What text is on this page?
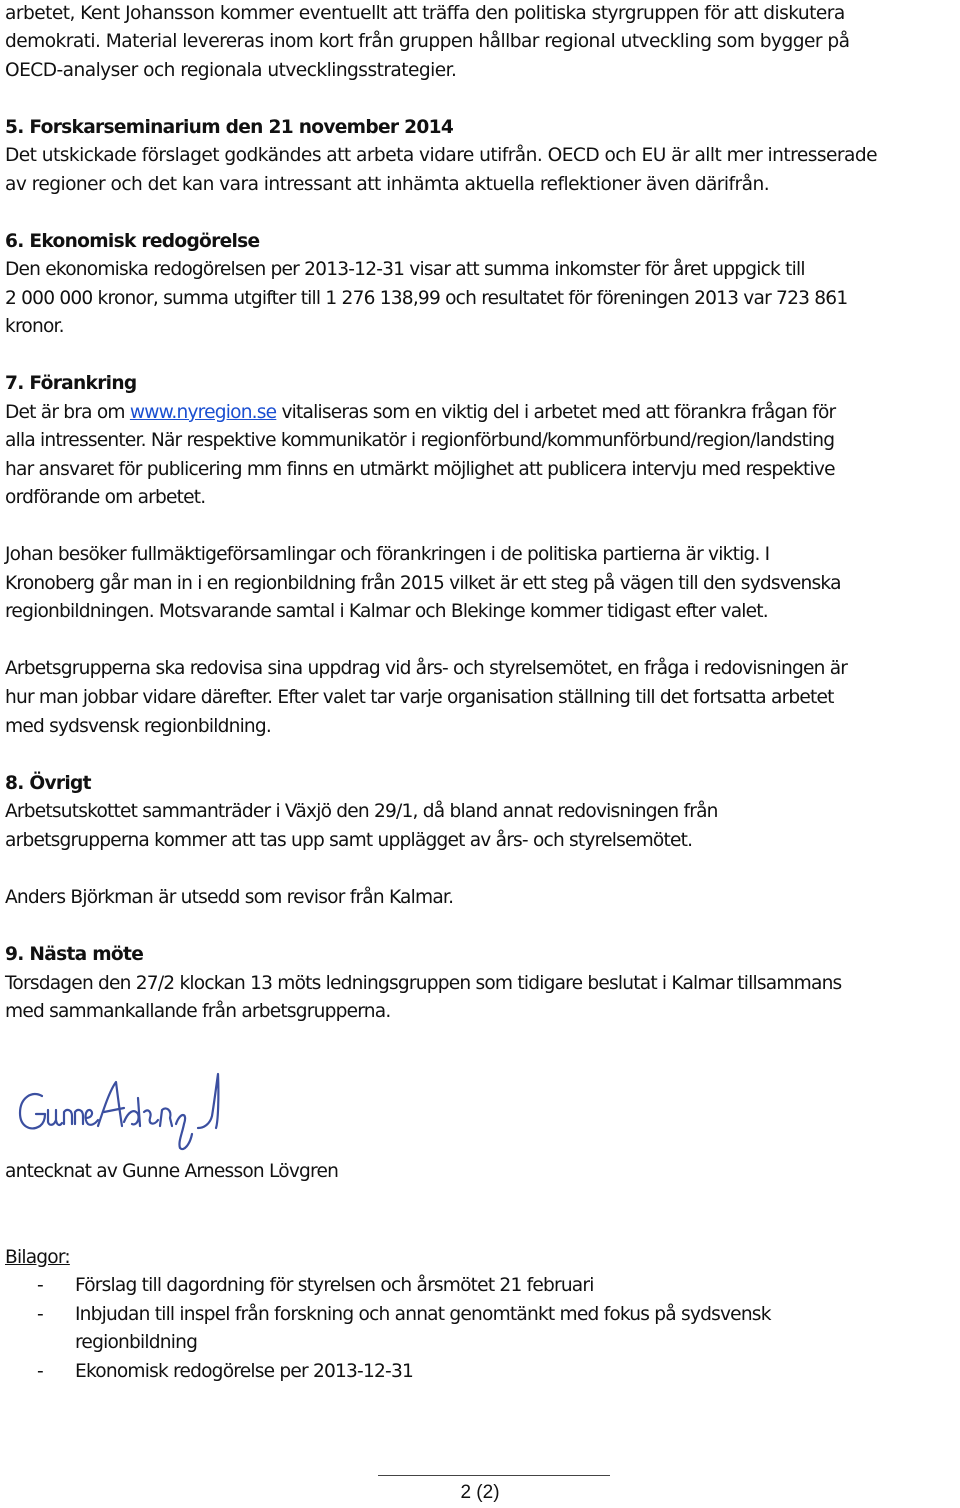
arbetet, Kent Johansson kommer eventuellt att träffa den politiska styrgruppen för att diskutera
demokrati. Material levereras inom kort från gruppen hållbar regional utveckling som bygger på
OECD-analyser och regionala utvecklingsstrategier.
5. Forskarseminarium den 21 november 2014
Det utskickade förslaget godkändes att arbeta vidare utifrån. OECD och EU är allt mer intresserade
av regioner och det kan vara intressant att inhämta aktuella reflektioner även därifrån.
6. Ekonomisk redogörelse
Den ekonomiska redogörelsen per 2013-12-31 visar att summa inkomster för året uppgick till
2 000 000 kronor, summa utgifter till 1 276 138,99 och resultatet för föreningen 2013 var 723 861
kronor.
7. Förankring
Det är bra om www.nyregion.se vitaliseras som en viktig del i arbetet med att förankra frågan för
alla intressenter. När respektive kommunikatör i regionförbund/kommunförbund/region/landsting
har ansvaret för publicering mm finns en utmärkt möjlighet att publicera intervju med respektive
ordförande om arbetet.
Johan besöker fullmäktigeförsamlingar och förankringen i de politiska partierna är viktig. I
Kronoberg går man in i en regionbildning från 2015 vilket är ett steg på vägen till den sydsvenska
regionbildningen. Motsvarande samtal i Kalmar och Blekinge kommer tidigast efter valet.
Arbetsgrupperna ska redovisa sina uppdrag vid års- och styrelsemötet, en fråga i redovisningen är
hur man jobbar vidare därefter. Efter valet tar varje organisation ställning till det fortsatta arbetet
med sydsvensk regionbildning.
8. Övrigt
Arbetsutskottet sammanträder i Växjö den 29/1, då bland annat redovisningen från
arbetsgrupperna kommer att tas upp samt upplägget av års- och styrelsemötet.
Anders Björkman är utsedd som revisor från Kalmar.
9. Nästa möte
Torsdagen den 27/2 klockan 13 möts ledningsgruppen som tidigare beslutat i Kalmar tillsammans
med sammankallande från arbetsgrupperna.
antecknat av Gunne Arnesson Lövgren
Bilagor:
- Förslag till dagordning för styrelsen och årsmötet 21 februari
- Inbjudan till inspel från forskning och annat genomtänkt med fokus på sydsvensk
regionbildning
- Ekonomisk redogörelse per 2013-12-31
2 (2)
